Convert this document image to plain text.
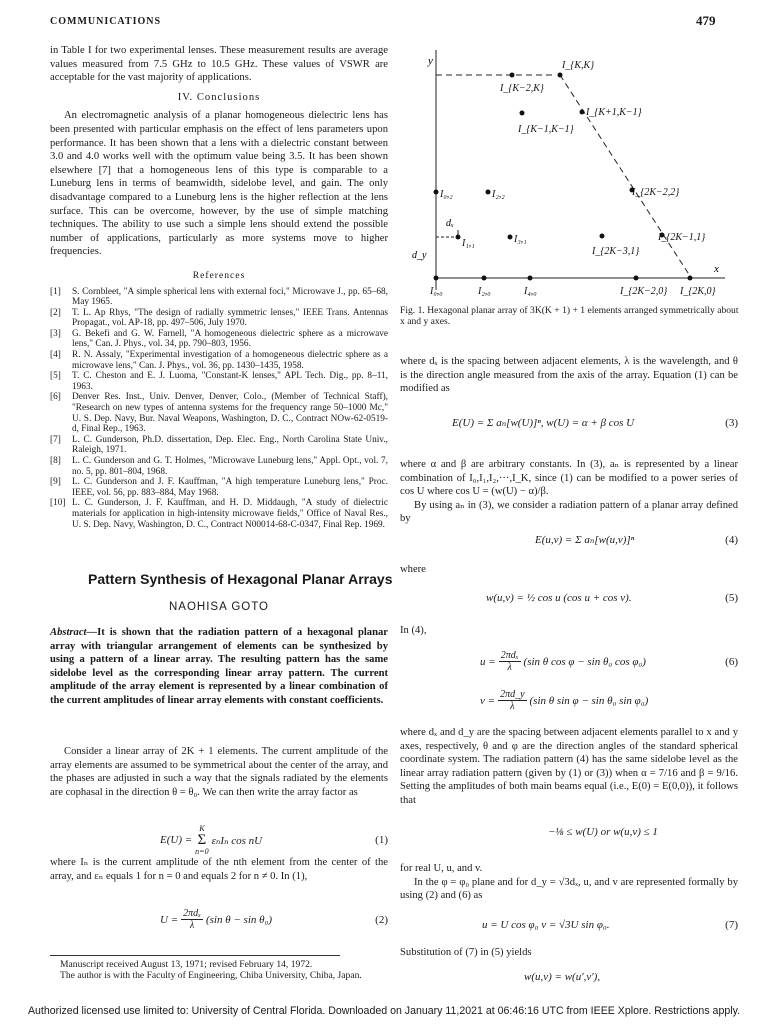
COMMUNICATIONS	479

in Table I for two experimental lenses. These measurement results are average values measured from 7.5 GHz to 10.5 GHz. These values of VSWR are acceptable for the vast majority of applications.

IV. Conclusions

An electromagnetic analysis of a planar homogeneous dielectric lens has been presented with particular emphasis on the effect of lens parameters upon performance. It has been shown that a lens with a dielectric constant between 3.0 and 4.0 works well with the optimum value being 3.5. It has been shown elsewhere [7] that a homogeneous lens of this type is comparable to a Luneburg lens in terms of beamwidth, sidelobe level, and gain. The only disadvantage compared to a Luneburg lens is the higher reflection at the lens surface. This can be overcome, however, by the use of simple matching techniques. The ability to use such a simple lens should extend the possible number of applications, particularly as more systems move to higher frequencies.

References
[1]	S. Cornbleet, "A simple spherical lens with external foci," Microwave J., pp. 65–68, May 1965.
[2]	T. L. Ap Rhys, "The design of radially symmetric lenses," IEEE Trans. Antennas Propagat., vol. AP-18, pp. 497–506, July 1970.
[3]	G. Bekefi and G. W. Farnell, "A homogeneous dielectric sphere as a microwave lens," Can. J. Phys., vol. 34, pp. 790–803, 1956.
[4]	R. N. Assaly, "Experimental investigation of a homogeneous dielectric sphere as a microwave lens," Can. J. Phys., vol. 36, pp. 1430–1435, 1958.
[5]	T. C. Cheston and E. J. Luoma, "Constant-K lenses," APL Tech. Dig., pp. 8–11, 1963.
[6]	Denver Res. Inst., Univ. Denver, Denver, Colo., (Member of Technical Staff), "Research on new types of antenna systems for the frequency range 50–1000 Mc," U. S. Dep. Navy, Bur. Naval Weapons, Washington, D. C., Contract NOw-62-0519-d, Final Rep., 1963.
[7]	L. C. Gunderson, Ph.D. dissertation, Dep. Elec. Eng., North Carolina State Univ., Raleigh, 1971.
[8]	L. C. Gunderson and G. T. Holmes, "Microwave Luneburg lens," Appl. Opt., vol. 7, no. 5, pp. 801–804, 1968.
[9]	L. C. Gunderson and J. F. Kauffman, "A high temperature Luneburg lens," Proc. IEEE, vol. 56, pp. 883–884, May 1968.
[10] L. C. Gunderson, J. F. Kauffman, and H. D. Middaugh, "A study of dielectric materials for application in high-intensity microwave fields," Office of Naval Res., U. S. Dep. Navy, Washington, D. C., Contract N00014-68-C-0347, Final Rep. 1969.
Pattern Synthesis of Hexagonal Planar Arrays
NAOHISA GOTO
Abstract—It is shown that the radiation pattern of a hexagonal planar array with triangular arrangement of elements can be synthesized by using a pattern of a linear array. The resulting pattern has the same sidelobe level as the corresponding linear array pattern. The current amplitude of the array element is represented by a linear combination of the current amplitudes of linear array elements with constant coefficients.

Consider a linear array of 2K + 1 elements. The current amplitude of the array elements are assumed to be symmetrical about the center of the array, and the phases are adjusted in such a way that the signals radiated by the elements are cophasal in the direction θ = θ₀. We can then write the array factor as

E(U) =
K
Σ
n=0
εₙIₙ cos nU	(1)

where Iₙ is the current amplitude of the nth element from the center of the array, and εₙ equals 1 for n = 0 and equals 2 for n ≠ 0. In (1),

$U = \frac{\text{2πdₓ}}{\lambda} (\sin$ θ − sin θ₀)	(2)
Manuscript received August 13, 1971; revised February 14, 1972.
The author is with the Faculty of Engineering, Chiba University, Chiba, Japan.
y
x
dₓ
d_y
I_{K,K}
I_{K−2,K}
I_{K+1,K−1}
I_{K−1,K−1}
I₀,₂	I₂,₂	I_{2K−2,2}
I₁,₁	I₃,₁
I_{2K−3,1}
I_{2K−1,1}
I₀,₀	I₂,₀	I₄,₀	I_{2K−2,0} I_{2K,0}
Fig. 1. Hexagonal planar array of 3K(K + 1) + 1 elements arranged symmetrically about x and y axes.

where dₓ is the spacing between adjacent elements, λ is the wavelength, and θ is the direction angle measured from the axis of the array. Equation (1) can be modified as

E(U) = Σ aₙ[w(U)]ⁿ, w(U) = α + β cos U	(3)

where α and β are arbitrary constants. In (3), aₙ is represented by a linear combination of I₀,I₁,I₂,···,I_K, since (1) can be modified to a power series of cos U where cos U = (w(U) − α)/β.

By using aₙ in (3), we consider a radiation pattern of a planar array defined by

E(u,v) = Σ aₙ[w(u,v)]ⁿ	(4)
where
w(u,v) = ½ cos u (cos u + cos v).	(5)
In (4),
$u = \frac{\text{2πdₓ}}{\lambda} (\sin$ θ cos φ − sin θ₀ cos φ₀)	(6)
$v = \frac{2\pi d\_y}{\lambda} (\sin$ θ sin φ − sin θ₀ sin φ₀)

where dₓ and d_y are the spacing between adjacent elements parallel to x and y axes, respectively, θ and φ are the direction angles of the standard spherical coordinate system. The radiation pattern (4) has the same sidelobe level as the linear array radiation pattern (given by (1) or (3)) when α = 7/16 and β = 9/16. Setting the amplitudes of both main beams equal (i.e., E(0) = E(0,0)), it follows that

−⅛ ≤ w(U) or w(u,v) ≤ 1

for real U, u, and v.

In the φ = φ₀ plane and for d_y = √3dₓ, u, and v are represented formally by using (2) and (6) as

u = U cos φ₀ v = √3U sin φ₀.	(7)
Substitution of (7) in (5) yields
w(u,v) = w(u′,v′),
Authorized licensed use limited to: University of Central Florida. Downloaded on January 11,2021 at 06:46:16 UTC from IEEE Xplore. Restrictions apply.
